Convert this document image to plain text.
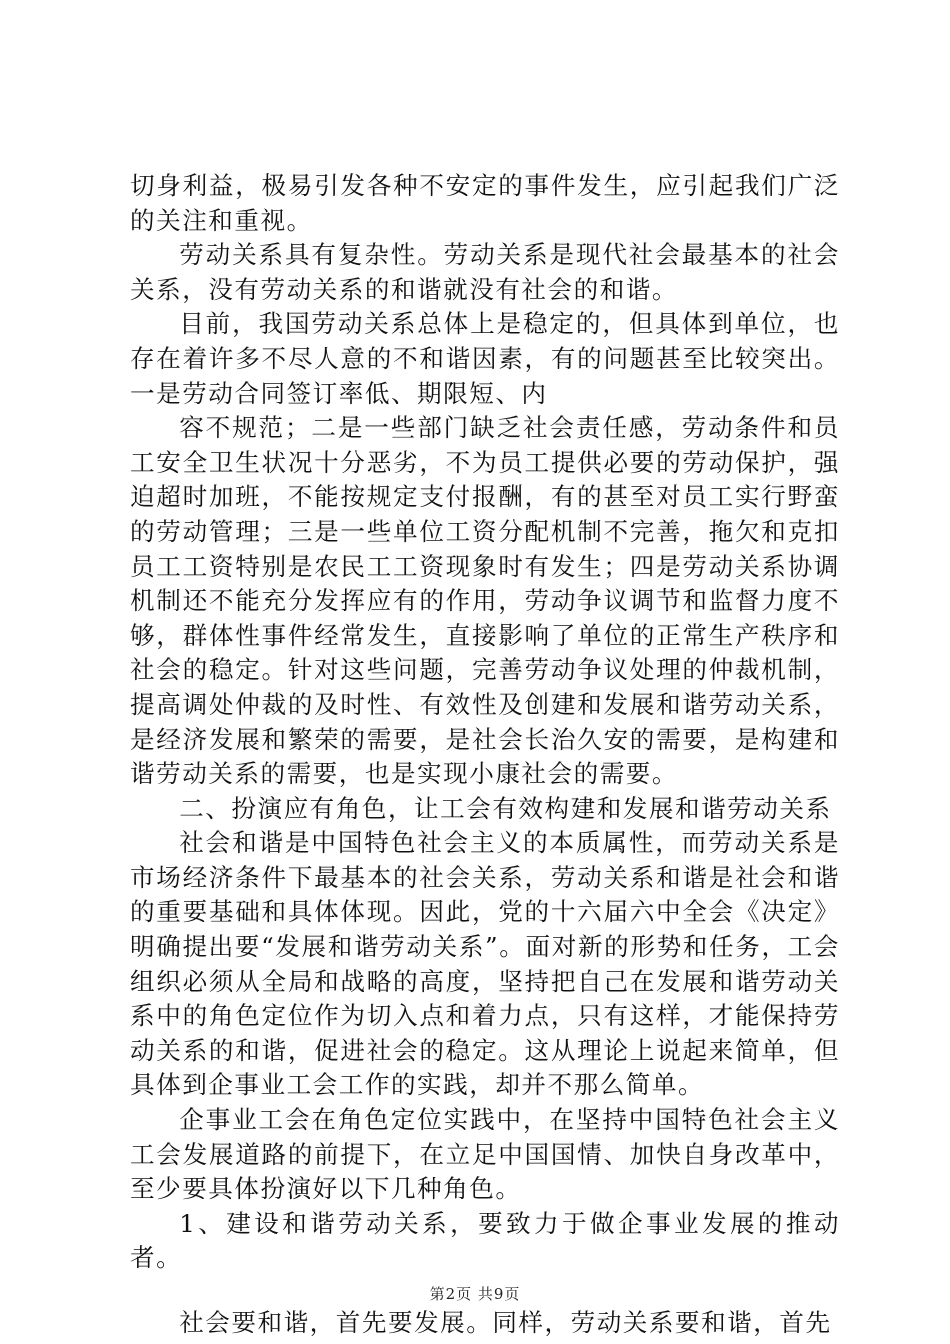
切身利益，极易引发各种不安定的事件发生，应引起我们广泛的关注和重视。

劳动关系具有复杂性。劳动关系是现代社会最基本的社会关系，没有劳动关系的和谐就没有社会的和谐。

目前，我国劳动关系总体上是稳定的，但具体到单位，也存在着许多不尽人意的不和谐因素，有的问题甚至比较突出。一是劳动合同签订率低、期限短、内

容不规范；二是一些部门缺乏社会责任感，劳动条件和员工安全卫生状况十分恶劣，不为员工提供必要的劳动保护，强迫超时加班，不能按规定支付报酬，有的甚至对员工实行野蛮的劳动管理；三是一些单位工资分配机制不完善，拖欠和克扣员工工资特别是农民工工资现象时有发生；四是劳动关系协调机制还不能充分发挥应有的作用，劳动争议调节和监督力度不够，群体性事件经常发生，直接影响了单位的正常生产秩序和社会的稳定。针对这些问题，完善劳动争议处理的仲裁机制，提高调处仲裁的及时性、有效性及创建和发展和谐劳动关系，是经济发展和繁荣的需要，是社会长治久安的需要，是构建和谐劳动关系的需要，也是实现小康社会的需要。

二、扮演应有角色，让工会有效构建和发展和谐劳动关系

社会和谐是中国特色社会主义的本质属性，而劳动关系是市场经济条件下最基本的社会关系，劳动关系和谐是社会和谐的重要基础和具体体现。因此，党的十六届六中全会《决定》明确提出要“发展和谐劳动关系”。面对新的形势和任务，工会组织必须从全局和战略的高度，坚持把自己在发展和谐劳动关系中的角色定位作为切入点和着力点，只有这样，才能保持劳动关系的和谐，促进社会的稳定。这从理论上说起来简单，但具体到企事业工会工作的实践，却并不那么简单。

企事业工会在角色定位实践中，在坚持中国特色社会主义工会发展道路的前提下，在立足中国国情、加快自身改革中，至少要具体扮演好以下几种角色。

1、建设和谐劳动关系，要致力于做企事业发展的推动者。

社会要和谐，首先要发展。同样，劳动关系要和谐，首先

第2页 共9页
